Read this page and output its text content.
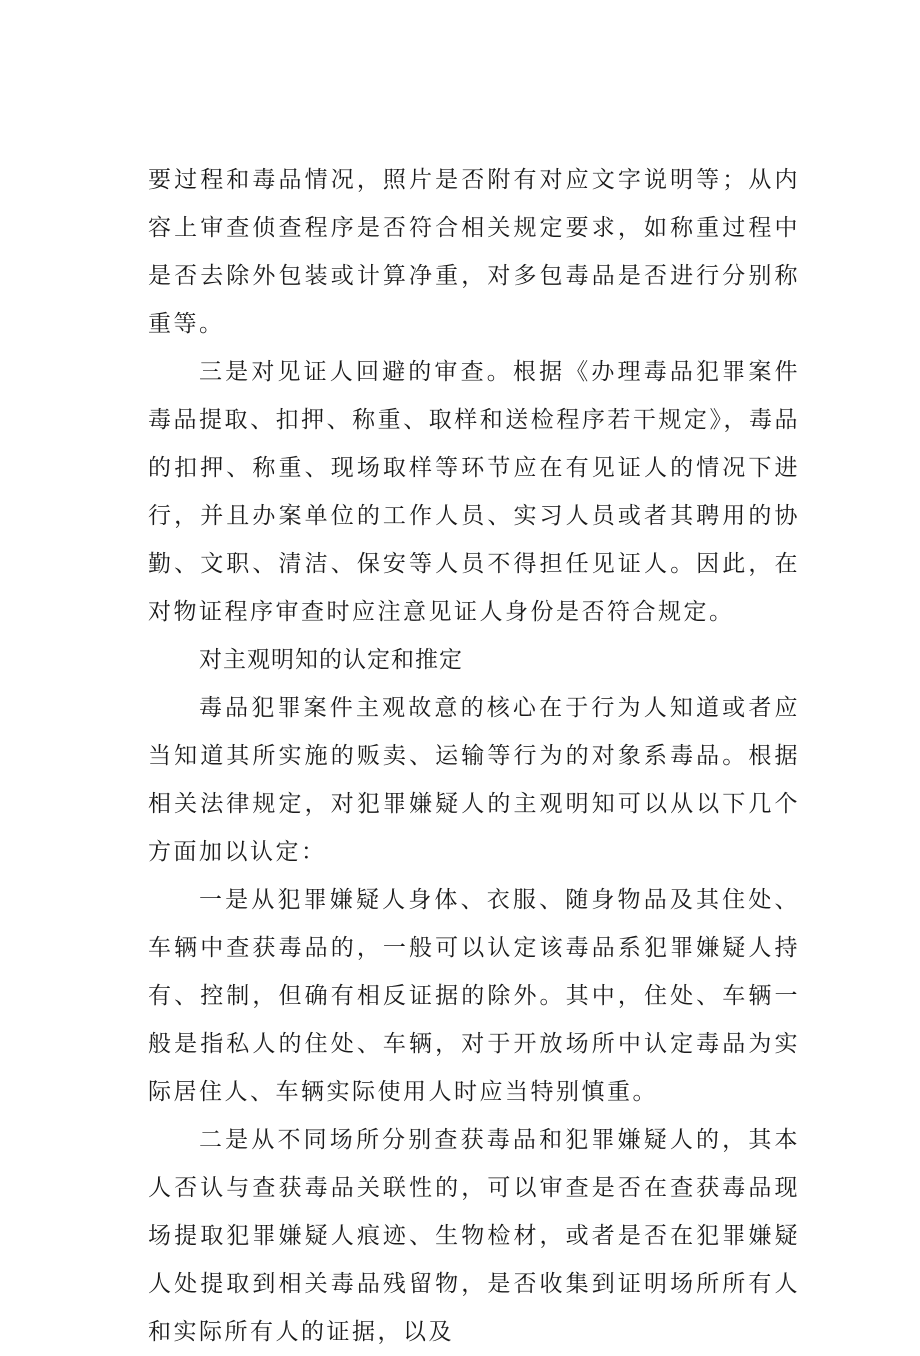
要过程和毒品情况，照片是否附有对应文字说明等；从内容上审查侦查程序是否符合相关规定要求，如称重过程中是否去除外包装或计算净重，对多包毒品是否进行分别称重等。

三是对见证人回避的审查。根据《办理毒品犯罪案件毒品提取、扣押、称重、取样和送检程序若干规定》，毒品的扣押、称重、现场取样等环节应在有见证人的情况下进行，并且办案单位的工作人员、实习人员或者其聘用的协勤、文职、清洁、保安等人员不得担任见证人。因此，在对物证程序审查时应注意见证人身份是否符合规定。

对主观明知的认定和推定

毒品犯罪案件主观故意的核心在于行为人知道或者应当知道其所实施的贩卖、运输等行为的对象系毒品。根据相关法律规定，对犯罪嫌疑人的主观明知可以从以下几个方面加以认定：

一是从犯罪嫌疑人身体、衣服、随身物品及其住处、车辆中查获毒品的，一般可以认定该毒品系犯罪嫌疑人持有、控制，但确有相反证据的除外。其中，住处、车辆一般是指私人的住处、车辆，对于开放场所中认定毒品为实际居住人、车辆实际使用人时应当特别慎重。

二是从不同场所分别查获毒品和犯罪嫌疑人的，其本人否认与查获毒品关联性的，可以审查是否在查获毒品现场提取犯罪嫌疑人痕迹、生物检材，或者是否在犯罪嫌疑人处提取到相关毒品残留物，是否收集到证明场所所有人和实际所有人的证据，以及
